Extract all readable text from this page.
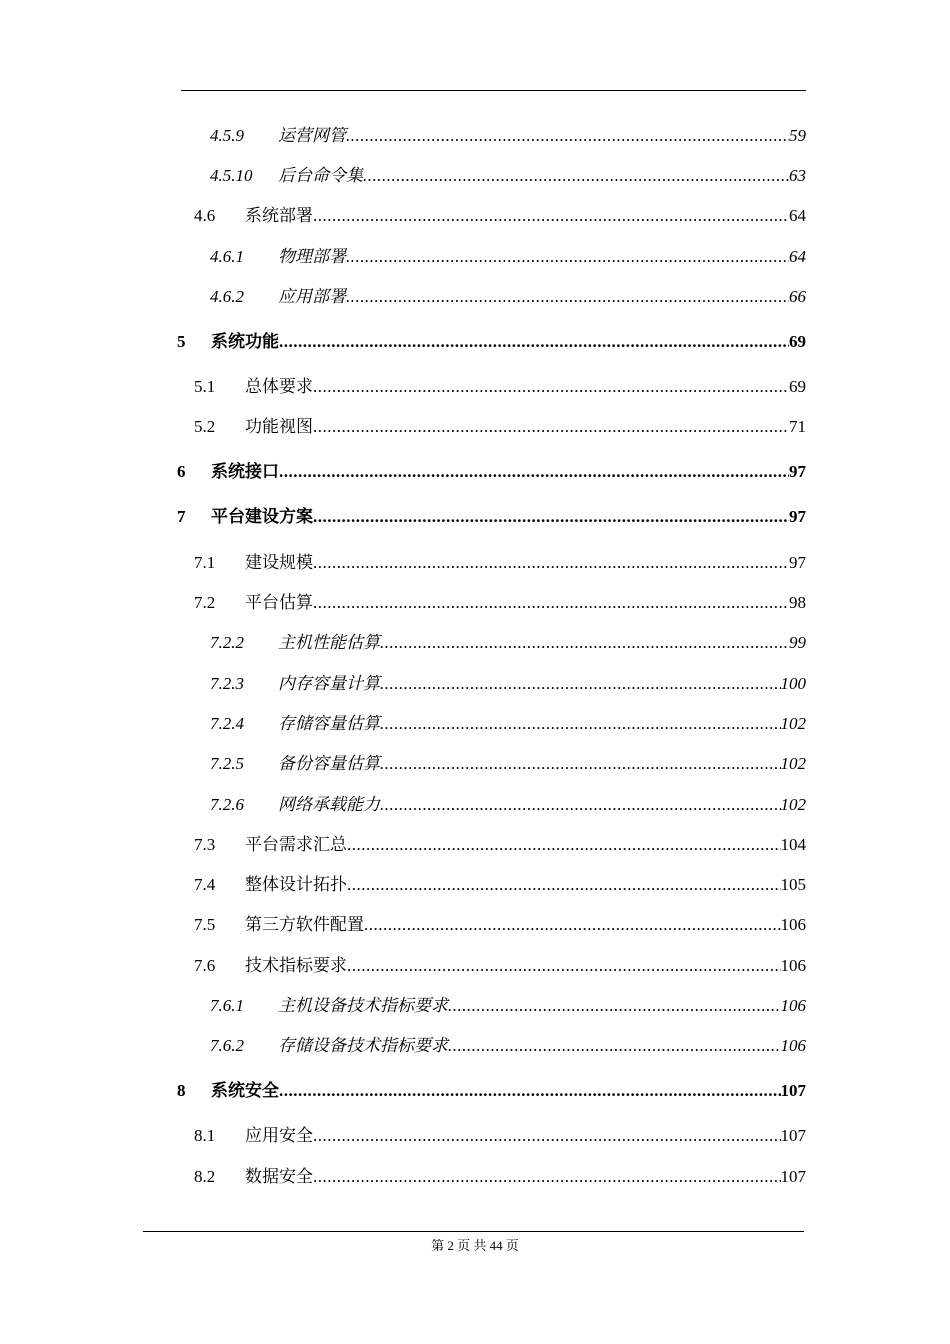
4.5.9	运营网管 .....	59
4.5.10	后台命令集 .....	63
4.6	系统部署 .....	64
4.6.1	物理部署 .....	64
4.6.2	应用部署 .....	66
5	系统功能 .....	69
5.1	总体要求 .....	69
5.2	功能视图 .....	71
6	系统接口 .....	97
7	平台建设方案 .....	97
7.1	建设规模 .....	97
7.2	平台估算 .....	98
7.2.2	主机性能估算 .....	99
7.2.3	内存容量计算 .....	100
7.2.4	存储容量估算 .....	102
7.2.5	备份容量估算 .....	102
7.2.6	网络承载能力 .....	102
7.3	平台需求汇总 .....	104
7.4	整体设计拓扑 .....	105
7.5	第三方软件配置 .....	106
7.6	技术指标要求 .....	106
7.6.1	主机设备技术指标要求 .....	106
7.6.2	存储设备技术指标要求 .....	106
8	系统安全 .....	107
8.1	应用安全 .....	107
8.2	数据安全 .....	107
第 2 页 共 44 页
